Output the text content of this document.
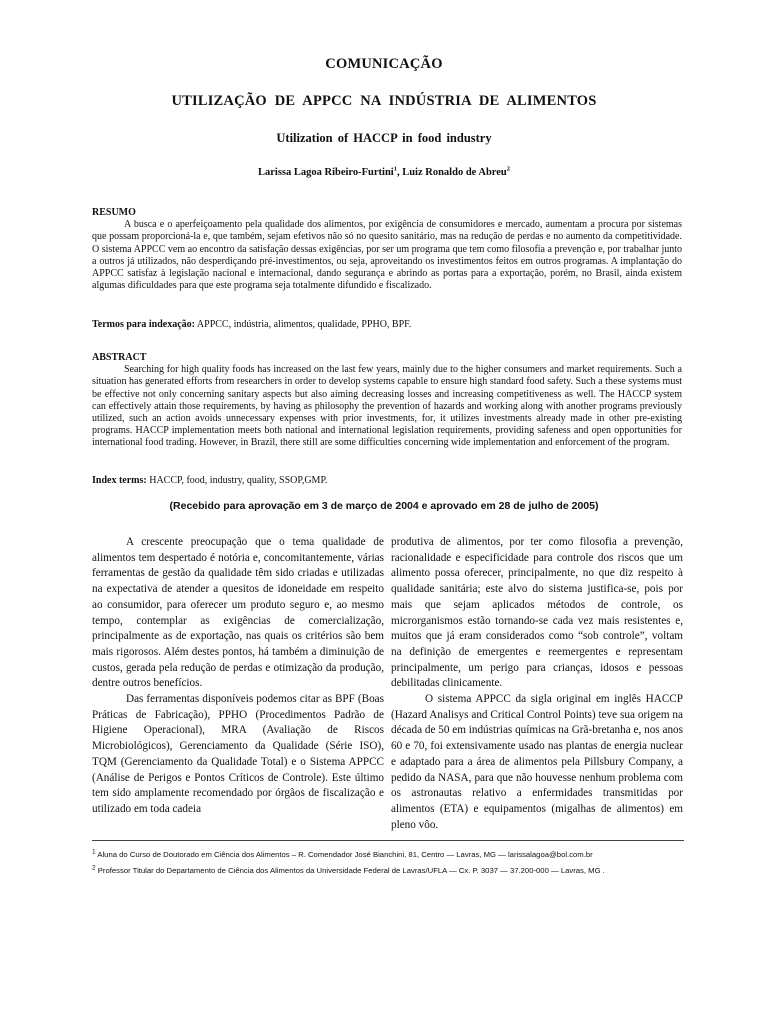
COMUNICAÇÃO
UTILIZAÇÃO DE APPCC NA INDÚSTRIA DE ALIMENTOS
Utilization of HACCP in food industry
Larissa Lagoa Ribeiro-Furtini$^1$, Luiz Ronaldo de Abreu$^2$
RESUMO

A busca e o aperfeiçoamento pela qualidade dos alimentos, por exigência de consumidores e mercado, aumentam a procura por sistemas que possam proporcioná-la e, que também, sejam efetivos não só no quesito sanitário, mas na redução de perdas e no aumento da competitividade. O sistema APPCC vem ao encontro da satisfação dessas exigências, por ser um programa que tem como filosofia a prevenção e, por trabalhar junto a outros já utilizados, não desperdiçando pré-investimentos, ou seja, aproveitando os investimentos feitos em outros programas. A implantação do APPCC satisfaz à legislação nacional e internacional, dando segurança e abrindo as portas para a exportação, porém, no Brasil, ainda existem algumas dificuldades para que este programa seja totalmente difundido e fiscalizado.

Termos para indexação: APPCC, indústria, alimentos, qualidade, PPHO, BPF.
ABSTRACT

Searching for high quality foods has increased on the last few years, mainly due to the higher consumers and market requirements. Such a situation has generated efforts from researchers in order to develop systems capable to ensure high standard food safety. Such a these systems must be effective not only concerning sanitary aspects but also aiming decreasing losses and increasing competitiveness as well. The HACCP system can effectively attain those requirements, by having as philosophy the prevention of hazards and working along with another programs previously utilized, such an action avoids unnecessary expenses with prior investments, for, it utilizes investments already made in other pre-existing programs. HACCP implementation meets both national and international legislation requirements, providing safeness and open opportunities for international food trading. However, in Brazil, there still are some difficulties concerning wide implementation and enforcement of the program.

Index terms: HACCP, food, industry, quality, SSOP,GMP.
(Recebido para aprovação em 3 de março de 2004 e aprovado em 28 de julho de 2005)

A crescente preocupação que o tema qualidade de alimentos tem despertado é notória e, concomitantemente, várias ferramentas de gestão da qualidade têm sido criadas e utilizadas na expectativa de atender a quesitos de idoneidade em respeito ao consumidor, para oferecer um produto seguro e, ao mesmo tempo, contemplar as exigências de comercialização, principalmente as de exportação, nas quais os critérios são bem mais rigorosos. Além destes pontos, há também a diminuição de custos, gerada pela redução de perdas e otimização da produção, dentre outros benefícios.

Das ferramentas disponíveis podemos citar as BPF (Boas Práticas de Fabricação), PPHO (Procedimentos Padrão de Higiene Operacional), MRA (Avaliação de Riscos Microbiológicos), Gerenciamento da Qualidade (Série ISO), TQM (Gerenciamento da Qualidade Total) e o Sistema APPCC (Análise de Perigos e Pontos Críticos de Controle). Este último tem sido amplamente recomendado por órgãos de fiscalização e utilizado em toda cadeia

produtiva de alimentos, por ter como filosofia a prevenção, racionalidade e especificidade para controle dos riscos que um alimento possa oferecer, principalmente, no que diz respeito à qualidade sanitária; este alvo do sistema justifica-se, pois por mais que sejam aplicados métodos de controle, os microrganismos estão tornando-se cada vez mais resistentes e, muitos que já eram considerados como “sob controle”, voltam na definição de emergentes e reemergentes e representam principalmente, um perigo para crianças, idosos e pessoas debilitadas clinicamente.

O sistema APPCC da sigla original em inglês HACCP (Hazard Analisys and Critical Control Points) teve sua origem na década de 50 em indústrias químicas na Grã-bretanha e, nos anos 60 e 70, foi extensivamente usado nas plantas de energia nuclear e adaptado para a área de alimentos pela Pillsbury Company, a pedido da NASA, para que não houvesse nenhum problema com os astronautas relativo a enfermidades transmitidas por alimentos (ETA) e equipamentos (migalhas de alimentos) em pleno vôo.

$^1$ Aluna do Curso de Doutorado em Ciência dos Alimentos – R. Comendador José Bianchini, 81, Centro — Lavras, MG — larissalagoa@bol.com.br
$^2$ Professor Titular do Departamento de Ciência dos Alimentos da Universidade Federal de Lavras/UFLA — Cx. P. 3037 — 37.200-000 — Lavras, MG .
